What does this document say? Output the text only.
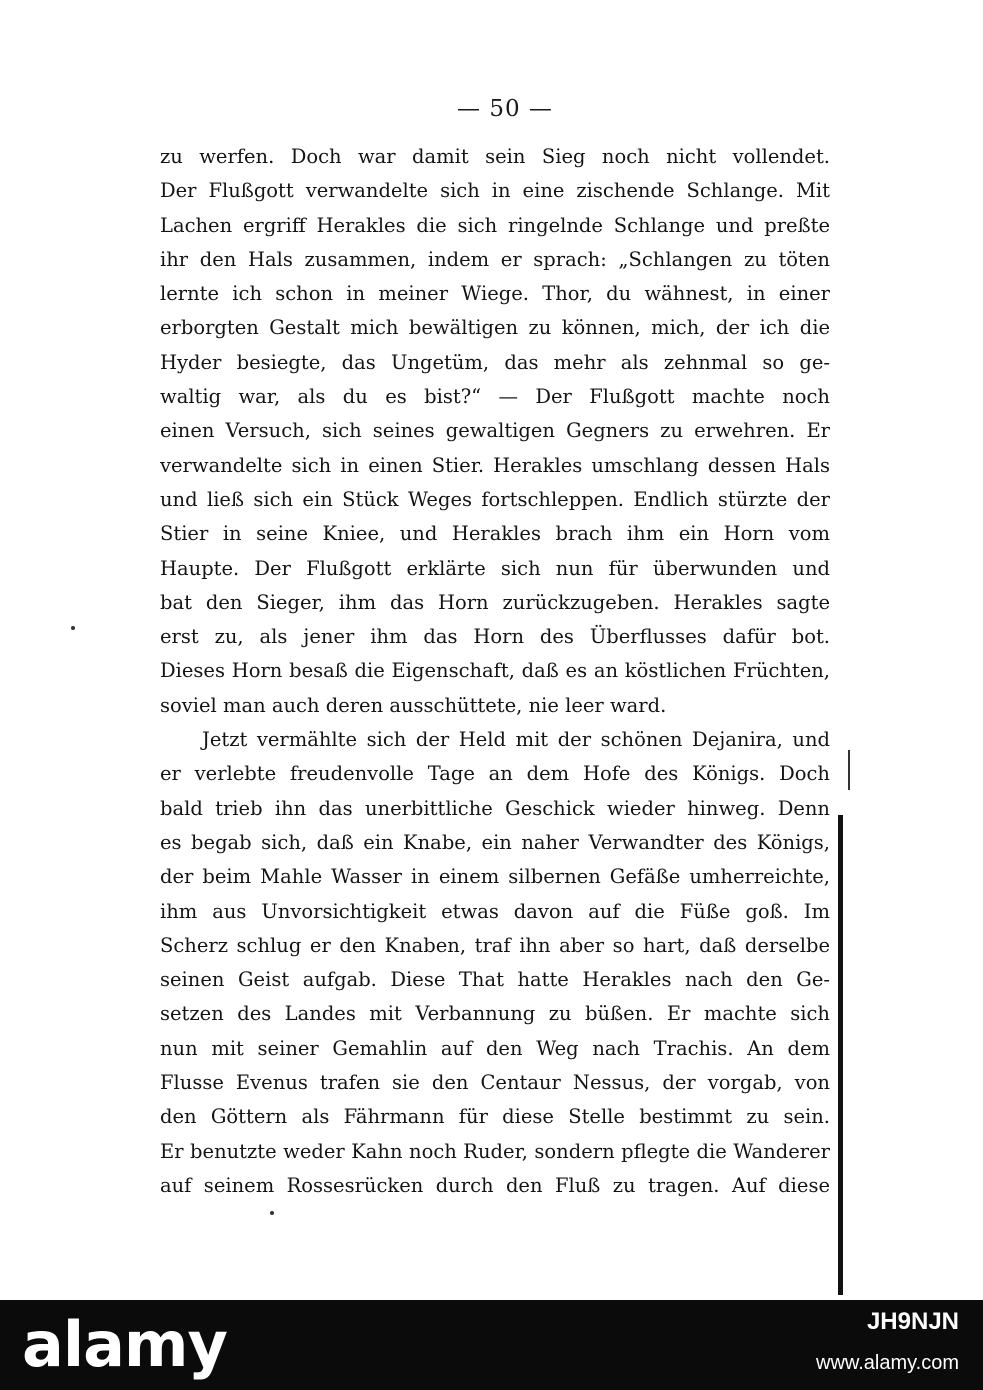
— 50 —
zu werfen. Doch war damit sein Sieg noch nicht vollendet.
Der Flußgott verwandelte sich in eine zischende Schlange. Mit
Lachen ergriff Herakles die sich ringelnde Schlange und preßte
ihr den Hals zusammen, indem er sprach: „Schlangen zu töten
lernte ich schon in meiner Wiege. Thor, du wähnest, in einer
erborgten Gestalt mich bewältigen zu können, mich, der ich die
Hyder besiegte, das Ungetüm, das mehr als zehnmal so ge-
waltig war, als du es bist?“ — Der Flußgott machte noch
einen Versuch, sich seines gewaltigen Gegners zu erwehren. Er
verwandelte sich in einen Stier. Herakles umschlang dessen Hals
und ließ sich ein Stück Weges fortschleppen. Endlich stürzte der
Stier in seine Kniee, und Herakles brach ihm ein Horn vom
Haupte. Der Flußgott erklärte sich nun für überwunden und
bat den Sieger, ihm das Horn zurückzugeben. Herakles sagte
erst zu, als jener ihm das Horn des Überflusses dafür bot.
Dieses Horn besaß die Eigenschaft, daß es an köstlichen Früchten,
soviel man auch deren ausschüttete, nie leer ward.
Jetzt vermählte sich der Held mit der schönen Dejanira, und
er verlebte freudenvolle Tage an dem Hofe des Königs. Doch
bald trieb ihn das unerbittliche Geschick wieder hinweg. Denn
es begab sich, daß ein Knabe, ein naher Verwandter des Königs,
der beim Mahle Wasser in einem silbernen Gefäße umherreichte,
ihm aus Unvorsichtigkeit etwas davon auf die Füße goß. Im
Scherz schlug er den Knaben, traf ihn aber so hart, daß derselbe
seinen Geist aufgab. Diese That hatte Herakles nach den Ge-
setzen des Landes mit Verbannung zu büßen. Er machte sich
nun mit seiner Gemahlin auf den Weg nach Trachis. An dem
Flusse Evenus trafen sie den Centaur Nessus, der vorgab, von
den Göttern als Fährmann für diese Stelle bestimmt zu sein.
Er benutzte weder Kahn noch Ruder, sondern pflegte die Wanderer
auf seinem Rossesrücken durch den Fluß zu tragen. Auf diese
alamy	JH9NJN
www.alamy.com
